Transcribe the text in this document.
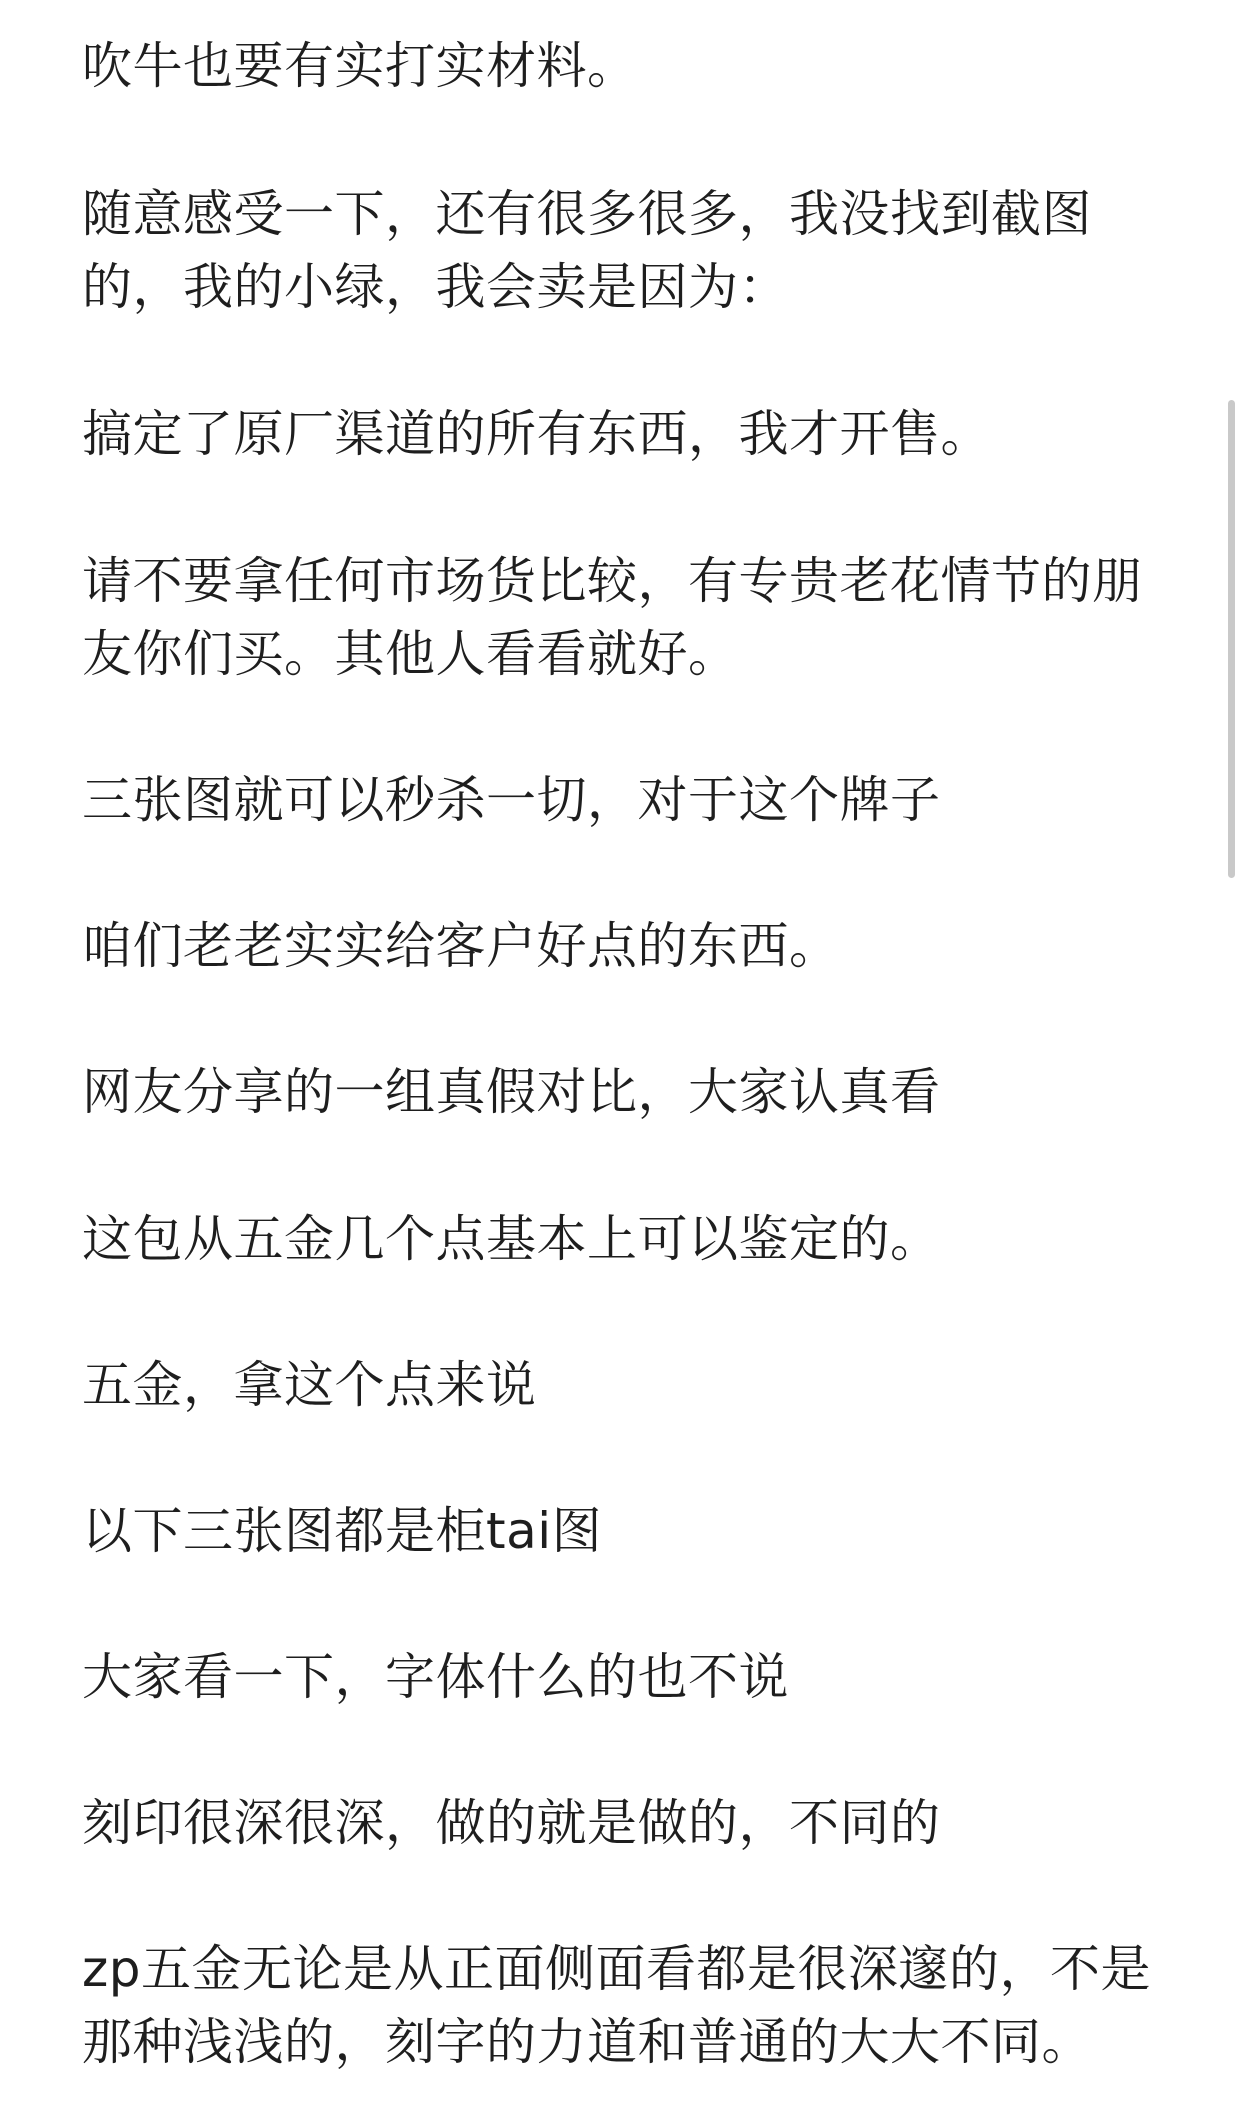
吹牛也要有实打实材料。

随意感受一下，还有很多很多，我没找到截图的，我的小绿，我会卖是因为：

搞定了原厂渠道的所有东西，我才开售。

请不要拿任何市场货比较，有专贵老花情节的朋友你们买。其他人看看就好。

三张图就可以秒杀一切，对于这个牌子

咱们老老实实给客户好点的东西。

网友分享的一组真假对比，大家认真看

这包从五金几个点基本上可以鉴定的。

五金，拿这个点来说

以下三张图都是柜tai图

大家看一下，字体什么的也不说

刻印很深很深，做的就是做的，不同的

zp五金无论是从正面侧面看都是很深邃的，不是那种浅浅的，刻字的力道和普通的大大不同。
